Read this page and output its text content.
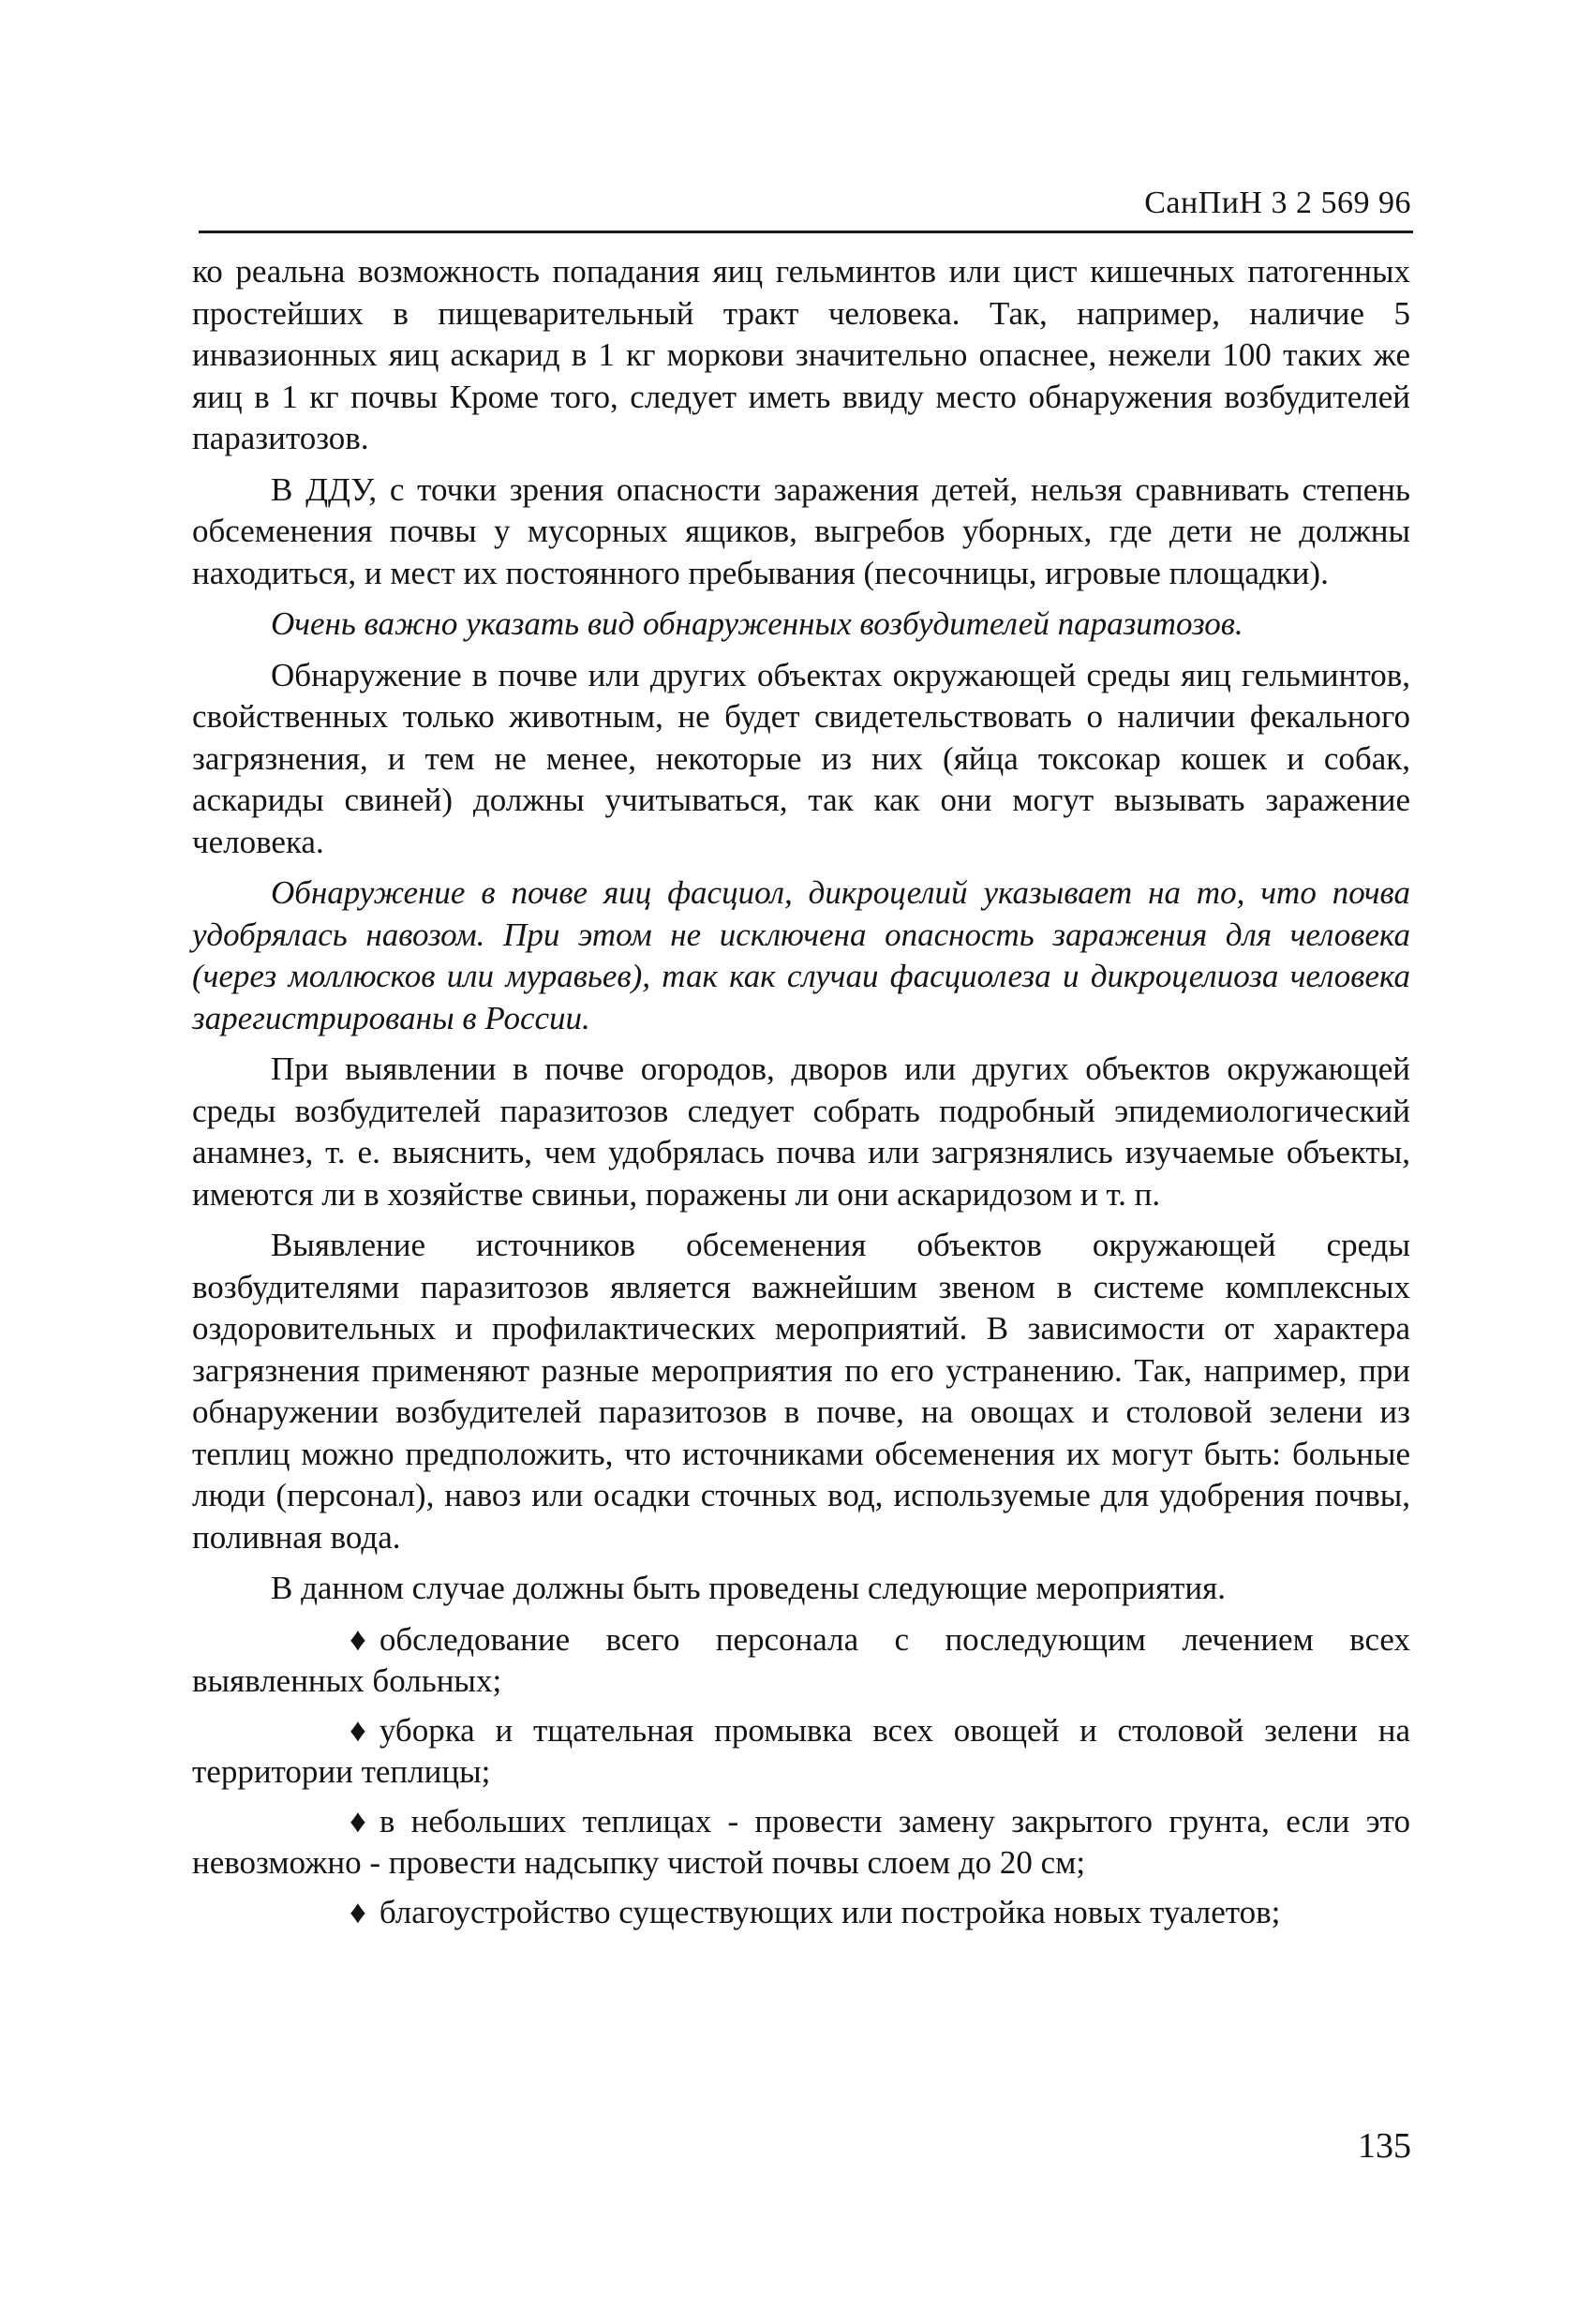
СанПиН 3 2 569 96

ко реальна возможность попадания яиц гельминтов или цист кишечных патогенных простейших в пищеварительный тракт человека. Так, например, наличие 5 инвазионных яиц аскарид в 1 кг моркови значительно опаснее, нежели 100 таких же яиц в 1 кг почвы Кроме того, следует иметь ввиду место обнаружения возбудителей паразитозов.

В ДДУ, с точки зрения опасности заражения детей, нельзя сравнивать степень обсеменения почвы у мусорных ящиков, выгребов уборных, где дети не должны находиться, и мест их постоянного пребывания (песочницы, игровые площадки).

Очень важно указать вид обнаруженных возбудителей паразитозов.

Обнаружение в почве или других объектах окружающей среды яиц гельминтов, свойственных только животным, не будет свидетельствовать о наличии фекального загрязнения, и тем не менее, некоторые из них (яйца токсокар кошек и собак, аскариды свиней) должны учитываться, так как они могут вызывать заражение человека.

Обнаружение в почве яиц фасциол, дикроцелий указывает на то, что почва удобрялась навозом. При этом не исключена опасность заражения для человека (через моллюсков или муравьев), так как случаи фасциолеза и дикроцелиоза человека зарегистрированы в России.

При выявлении в почве огородов, дворов или других объектов окружающей среды возбудителей паразитозов следует собрать подробный эпидемиологический анамнез, т. е. выяснить, чем удобрялась почва или загрязнялись изучаемые объекты, имеются ли в хозяйстве свиньи, поражены ли они аскаридозом и т. п.

Выявление источников обсеменения объектов окружающей среды возбудителями паразитозов является важнейшим звеном в системе комплексных оздоровительных и профилактических мероприятий. В зависимости от характера загрязнения применяют разные мероприятия по его устранению. Так, например, при обнаружении возбудителей паразитозов в почве, на овощах и столовой зелени из теплиц можно предположить, что источниками обсеменения их могут быть: больные люди (персонал), навоз или осадки сточных вод, используемые для удобрения почвы, поливная вода.

В данном случае должны быть проведены следующие мероприятия.

♦ обследование всего персонала с последующим лечением всех выявленных больных;

♦ уборка и тщательная промывка всех овощей и столовой зелени на территории теплицы;

♦ в небольших теплицах - провести замену закрытого грунта, если это невозможно - провести надсыпку чистой почвы слоем до 20 см;

♦ благоустройство существующих или постройка новых туалетов;

135
